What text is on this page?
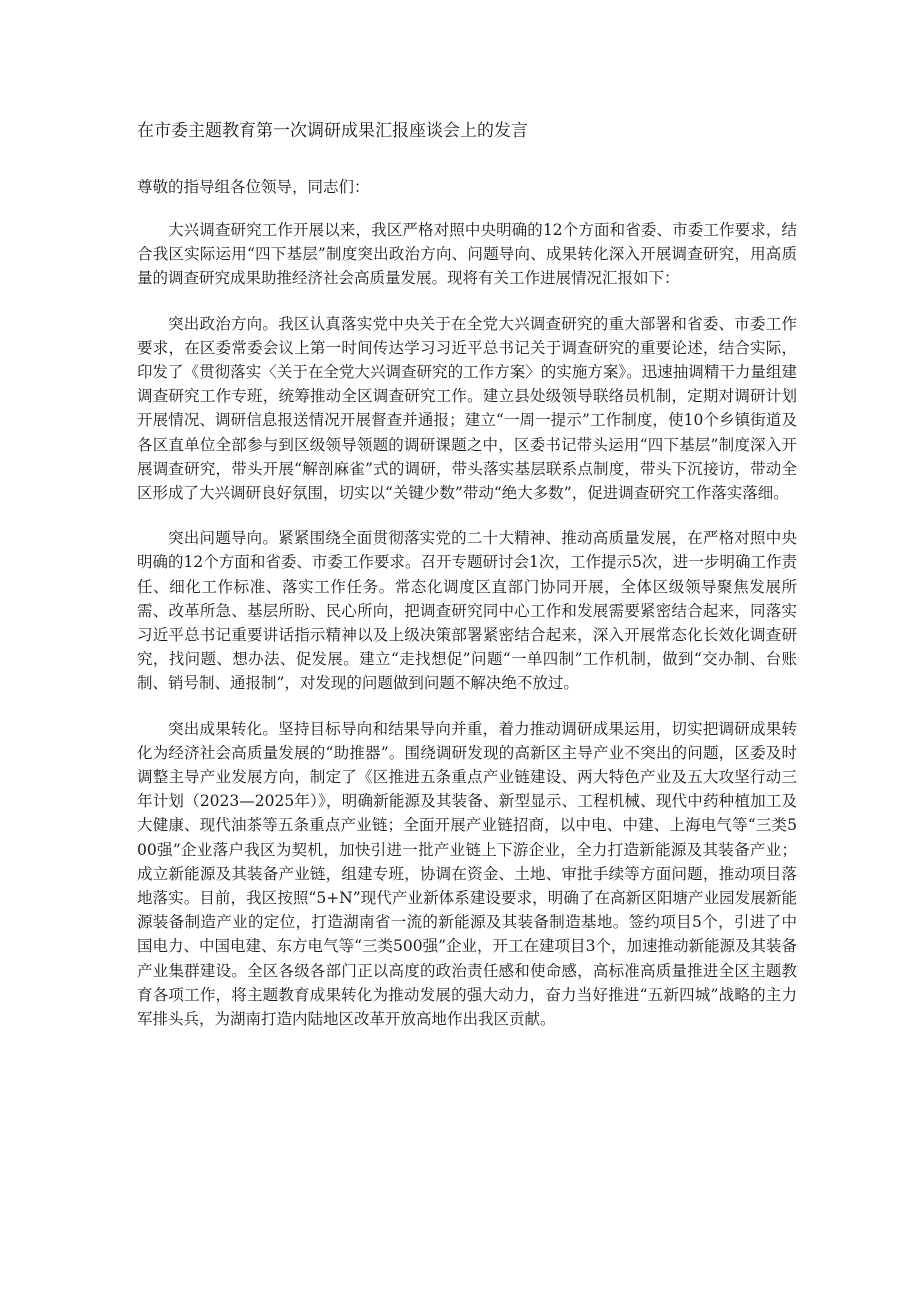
在市委主题教育第一次调研成果汇报座谈会上的发言

尊敬的指导组各位领导，同志们：

大兴调查研究工作开展以来，我区严格对照中央明确的12个方面和省委、市委工作要求，结合我区实际运用“四下基层”制度突出政治方向、问题导向、成果转化深入开展调查研究，用高质量的调查研究成果助推经济社会高质量发展。现将有关工作进展情况汇报如下：

突出政治方向。我区认真落实党中央关于在全党大兴调查研究的重大部署和省委、市委工作要求，在区委常委会议上第一时间传达学习习近平总书记关于调查研究的重要论述，结合实际，印发了《贯彻落实〈关于在全党大兴调查研究的工作方案〉的实施方案》。迅速抽调精干力量组建调查研究工作专班，统筹推动全区调查研究工作。建立县处级领导联络员机制，定期对调研计划开展情况、调研信息报送情况开展督查并通报；建立“一周一提示”工作制度，使10个乡镇街道及各区直单位全部参与到区级领导领题的调研课题之中，区委书记带头运用“四下基层”制度深入开展调查研究，带头开展“解剖麻雀”式的调研，带头落实基层联系点制度，带头下沉接访，带动全区形成了大兴调研良好氛围，切实以“关键少数”带动“绝大多数”，促进调查研究工作落实落细。

突出问题导向。紧紧围绕全面贯彻落实党的二十大精神、推动高质量发展，在严格对照中央明确的12个方面和省委、市委工作要求。召开专题研讨会1次，工作提示5次，进一步明确工作责任、细化工作标准、落实工作任务。常态化调度区直部门协同开展，全体区级领导聚焦发展所需、改革所急、基层所盼、民心所向，把调查研究同中心工作和发展需要紧密结合起来，同落实习近平总书记重要讲话指示精神以及上级决策部署紧密结合起来，深入开展常态化长效化调查研究，找问题、想办法、促发展。建立“走找想促”问题“一单四制”工作机制，做到“交办制、台账制、销号制、通报制”，对发现的问题做到问题不解决绝不放过。

突出成果转化。坚持目标导向和结果导向并重，着力推动调研成果运用，切实把调研成果转化为经济社会高质量发展的“助推器”。围绕调研发现的高新区主导产业不突出的问题，区委及时调整主导产业发展方向，制定了《区推进五条重点产业链建设、两大特色产业及五大攻坚行动三年计划（2023—2025年）》，明确新能源及其装备、新型显示、工程机械、现代中药种植加工及大健康、现代油茶等五条重点产业链；全面开展产业链招商，以中电、中建、上海电气等“三类500强”企业落户我区为契机，加快引进一批产业链上下游企业，全力打造新能源及其装备产业；成立新能源及其装备产业链，组建专班，协调在资金、土地、审批手续等方面问题，推动项目落地落实。目前，我区按照“5+N”现代产业新体系建设要求，明确了在高新区阳塘产业园发展新能源装备制造产业的定位，打造湖南省一流的新能源及其装备制造基地。签约项目5个，引进了中国电力、中国电建、东方电气等“三类500强”企业，开工在建项目3个，加速推动新能源及其装备产业集群建设。全区各级各部门正以高度的政治责任感和使命感，高标准高质量推进全区主题教育各项工作，将主题教育成果转化为推动发展的强大动力，奋力当好推进“五新四城”战略的主力军排头兵，为湖南打造内陆地区改革开放高地作出我区贡献。
